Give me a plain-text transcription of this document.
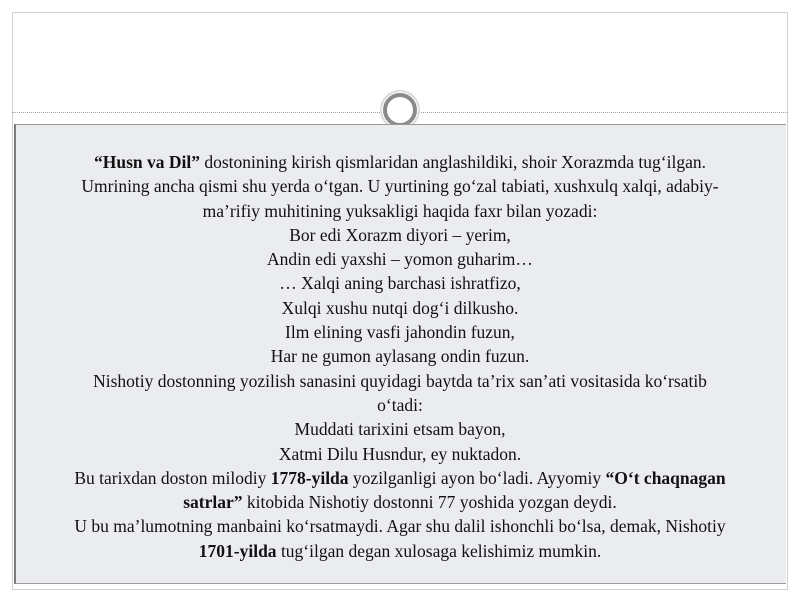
“Husn va Dil” dostonining kirish qismlaridan anglashildiki, shoir Xorazmda tug‘ilgan.

Umrining ancha qismi shu yerda o‘tgan. U yurtining go‘zal tabiati, xushxulq xalqi, adabiy-

ma’rifiy muhitining yuksakligi haqida faxr bilan yozadi:

Bor edi Xorazm diyori – yerim,

Andin edi yaxshi – yomon guharim…

… Xalqi aning barchasi ishratfizo,

Xulqi xushu nutqi dog‘i dilkusho.

Ilm elining vasfi jahondin fuzun,

Har ne gumon aylasang ondin fuzun.

Nishotiy dostonning yozilish sanasini quyidagi baytda ta’rix san’ati vositasida ko‘rsatib

o‘tadi:

Muddati tarixini etsam bayon,

Xatmi Dilu Husndur, ey nuktadon.

Bu tarixdan doston milodiy 1778-yilda yozilganligi ayon bo‘ladi. Ayyomiy “O‘t chaqnagan

satrlar” kitobida Nishotiy dostonni 77 yoshida yozgan deydi.

U bu ma’lumotning manbaini ko‘rsatmaydi. Agar shu dalil ishonchli bo‘lsa, demak, Nishotiy

1701-yilda tug‘ilgan degan xulosaga kelishimiz mumkin.
